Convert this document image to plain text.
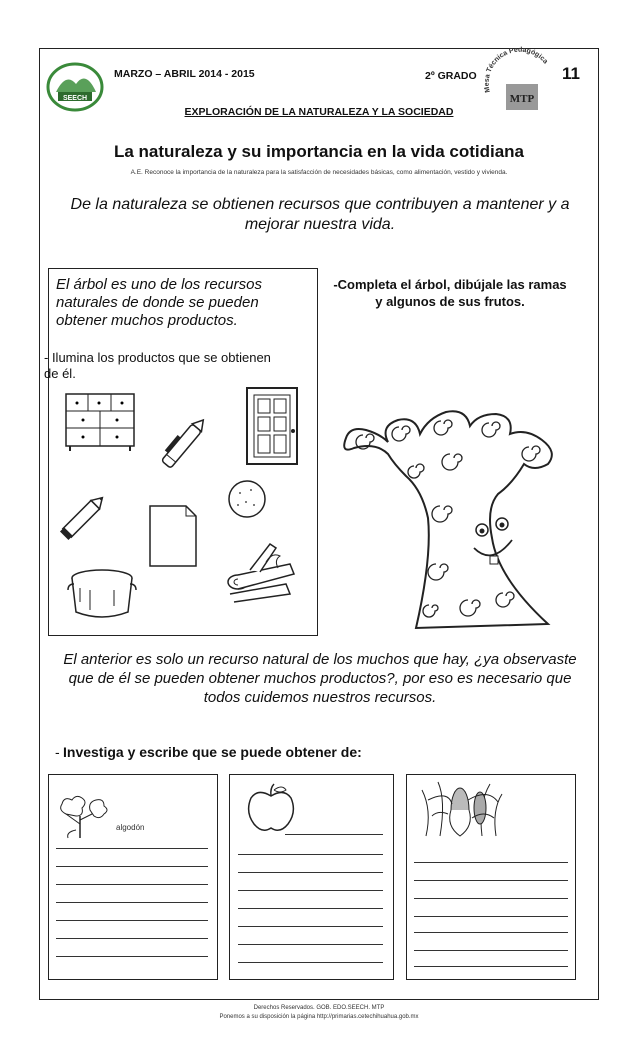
SEECH
MARZO – ABRIL 2014 - 2015	2º GRADO
Mesa Técnica Pedagógica
MTP
11
EXPLORACIÓN DE LA NATURALEZA Y LA SOCIEDAD
La naturaleza y su importancia en la vida cotidiana
A.E. Reconoce la importancia de la naturaleza para la satisfacción de necesidades básicas, como alimentación, vestido y vivienda.
De la naturaleza se obtienen recursos que contribuyen a mantener y a mejorar nuestra vida.
El árbol es uno de los recursos naturales de donde se pueden obtener muchos productos.
- Ilumina los productos que se obtienen de él.
-Completa el árbol, dibújale las ramas y algunos de sus frutos.
El anterior es solo un recurso natural de los muchos que hay, ¿ya observaste que de él se pueden obtener muchos productos?, por eso es necesario que todos cuidemos nuestros recursos.
- Investiga y escribe que se puede obtener de:
algodón
Derechos Reservados. GOB. EDO.SEECH. MTP
Ponemos a su disposición la página http://primarias.cetechihuahua.gob.mx
